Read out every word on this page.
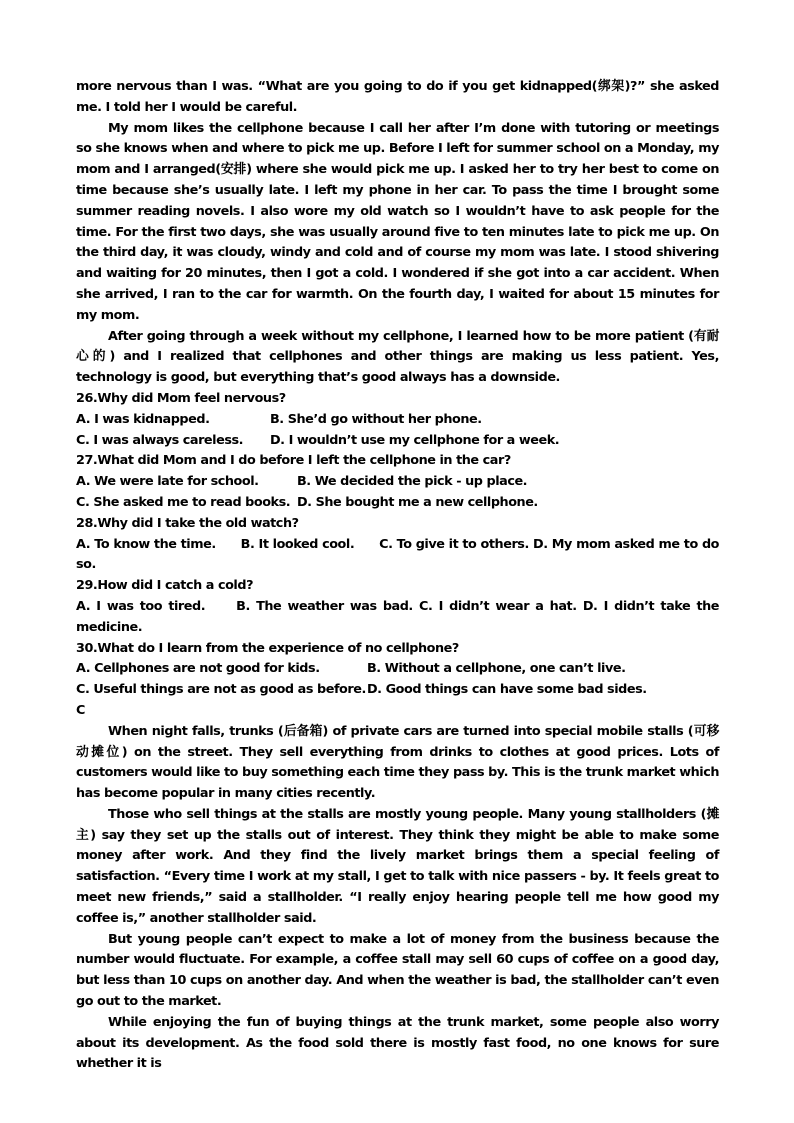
more nervous than I was. “What are you going to do if you get kidnapped(绑架)?” she asked me. I told her I would be careful.

My mom likes the cellphone because I call her after I’m done with tutoring or meetings so she knows when and where to pick me up. Before I left for summer school on a Monday, my mom and I arranged(安排) where she would pick me up. I asked her to try her best to come on time because she’s usually late. I left my phone in her car. To pass the time I brought some summer reading novels. I also wore my old watch so I wouldn’t have to ask people for the time. For the first two days, she was usually around five to ten minutes late to pick me up. On the third day, it was cloudy, windy and cold and of course my mom was late. I stood shivering and waiting for 20 minutes, then I got a cold. I wondered if she got into a car accident. When she arrived, I ran to the car for warmth. On the fourth day, I waited for about 15 minutes for my mom.

After going through a week without my cellphone, I learned how to be more patient (有耐心的) and I realized that cellphones and other things are making us less patient. Yes, technology is good, but everything that’s good always has a downside.

26.Why did Mom feel nervous?

A. I was kidnapped.	B. She’d go without her phone.
C. I was always careless.	D. I wouldn’t use my cellphone for a week.

27.What did Mom and I do before I left the cellphone in the car?

A. We were late for school.	B. We decided the pick - up place.
C. She asked me to read books. D. She bought me a new cellphone.

28.Why did I take the old watch?

A. To know the time.      B. It looked cool.      C. To give it to others. D. My mom asked me to do so.

29.How did I catch a cold?

A. I was too tired.     B. The weather was bad. C. I didn’t wear a hat. D. I didn’t take the medicine.

30.What do I learn from the experience of no cellphone?

A. Cellphones are not good for kids.	B. Without a cellphone, one can’t live.
C. Useful things are not as good as before. D. Good things can have some bad sides.

C

When night falls, trunks (后备箱) of private cars are turned into special mobile stalls (可移动摊位) on the street. They sell everything from drinks to clothes at good prices. Lots of customers would like to buy something each time they pass by. This is the trunk market which has become popular in many cities recently.

Those who sell things at the stalls are mostly young people. Many young stallholders (摊主) say they set up the stalls out of interest. They think they might be able to make some money after work. And they find the lively market brings them a special feeling of satisfaction. “Every time I work at my stall, I get to talk with nice passers - by. It feels great to meet new friends,” said a stallholder. “I really enjoy hearing people tell me how good my coffee is,” another stallholder said.

But young people can’t expect to make a lot of money from the business because the number would fluctuate. For example, a coffee stall may sell 60 cups of coffee on a good day, but less than 10 cups on another day. And when the weather is bad, the stallholder can’t even go out to the market.

While enjoying the fun of buying things at the trunk market, some people also worry about its development. As the food sold there is mostly fast food, no one knows for sure whether it is
